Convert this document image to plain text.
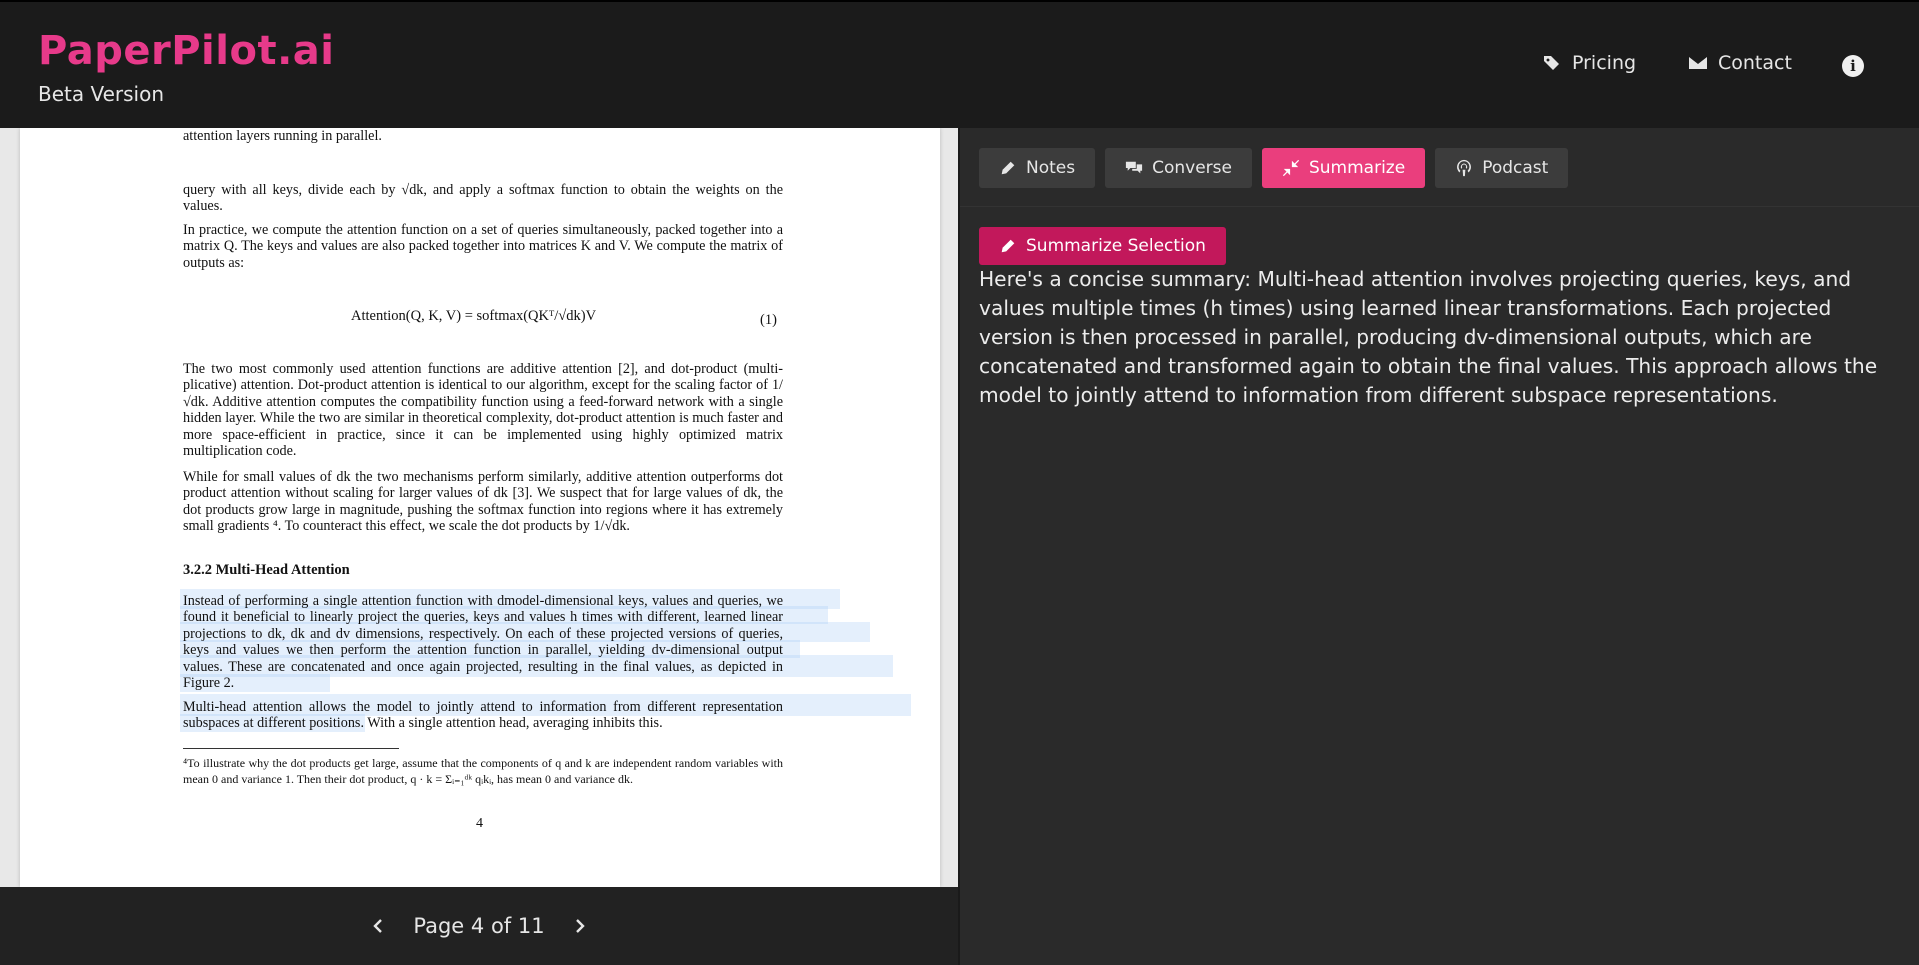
PaperPilot.ai
Beta Version
Pricing	Contact	i

attention layers running in parallel.

query with all keys, divide each by √dk, and apply a softmax function to obtain the weights on the values.

In practice, we compute the attention function on a set of queries simultaneously, packed together into a matrix Q. The keys and values are also packed together into matrices K and V. We compute the matrix of outputs as:

Attention(Q, K, V) = softmax(QKᵀ/√dk)V	(1)

The two most commonly used attention functions are additive attention [2], and dot-product (multi-plicative) attention. Dot-product attention is identical to our algorithm, except for the scaling factor of 1/√dk. Additive attention computes the compatibility function using a feed-forward network with a single hidden layer. While the two are similar in theoretical complexity, dot-product attention is much faster and more space-efficient in practice, since it can be implemented using highly optimized matrix multiplication code.

While for small values of dk the two mechanisms perform similarly, additive attention outperforms dot product attention without scaling for larger values of dk [3]. We suspect that for large values of dk, the dot products grow large in magnitude, pushing the softmax function into regions where it has extremely small gradients ⁴. To counteract this effect, we scale the dot products by 1/√dk.

3.2.2 Multi-Head Attention

Instead of performing a single attention function with dmodel-dimensional keys, values and queries, we found it beneficial to linearly project the queries, keys and values h times with different, learned linear projections to dk, dk and dv dimensions, respectively. On each of these projected versions of queries, keys and values we then perform the attention function in parallel, yielding dv-dimensional output values. These are concatenated and once again projected, resulting in the final values, as depicted in Figure 2.

Multi-head attention allows the model to jointly attend to information from different representation subspaces at different positions. With a single attention head, averaging inhibits this.

⁴To illustrate why the dot products get large, assume that the components of q and k are independent random variables with mean 0 and variance 1. Then their dot product, q · k = Σᵢ₌₁ᵈᵏ qᵢkᵢ, has mean 0 and variance dk.

4
Page 4 of 11
Notes	Converse	Summarize	Podcast
Summarize Selection
Here's a concise summary: Multi-head attention involves projecting queries, keys, and values multiple times (h times) using learned linear transformations. Each projected version is then processed in parallel, producing dv-dimensional outputs, which are concatenated and transformed again to obtain the final values. This approach allows the model to jointly attend to information from different subspace representations.
